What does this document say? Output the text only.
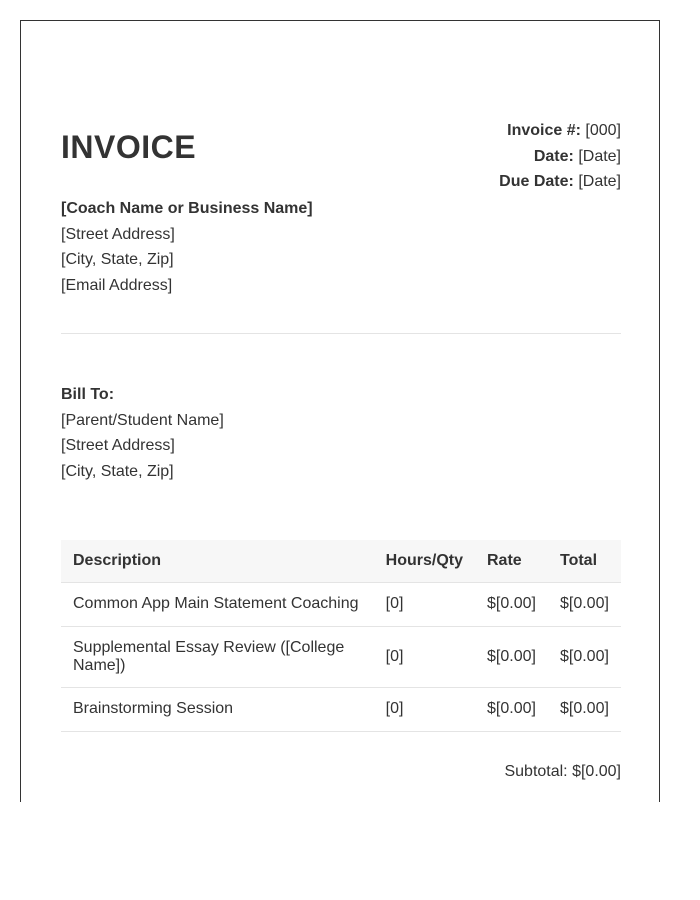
INVOICE	Invoice #: [000]
Date: [Date]
Due Date: [Date]
[Coach Name or Business Name]
[Street Address]
[City, State, Zip]
[Email Address]
Bill To:
[Parent/Student Name]
[Street Address]
[City, State, Zip]
Description	Hours/Qty	Rate	Total
Common App Main Statement Coaching	[0]	$[0.00]	$[0.00]
Supplemental Essay Review ([College Name])	[0]	$[0.00]	$[0.00]
Brainstorming Session	[0]	$[0.00]	$[0.00]
Subtotal: $[0.00]
